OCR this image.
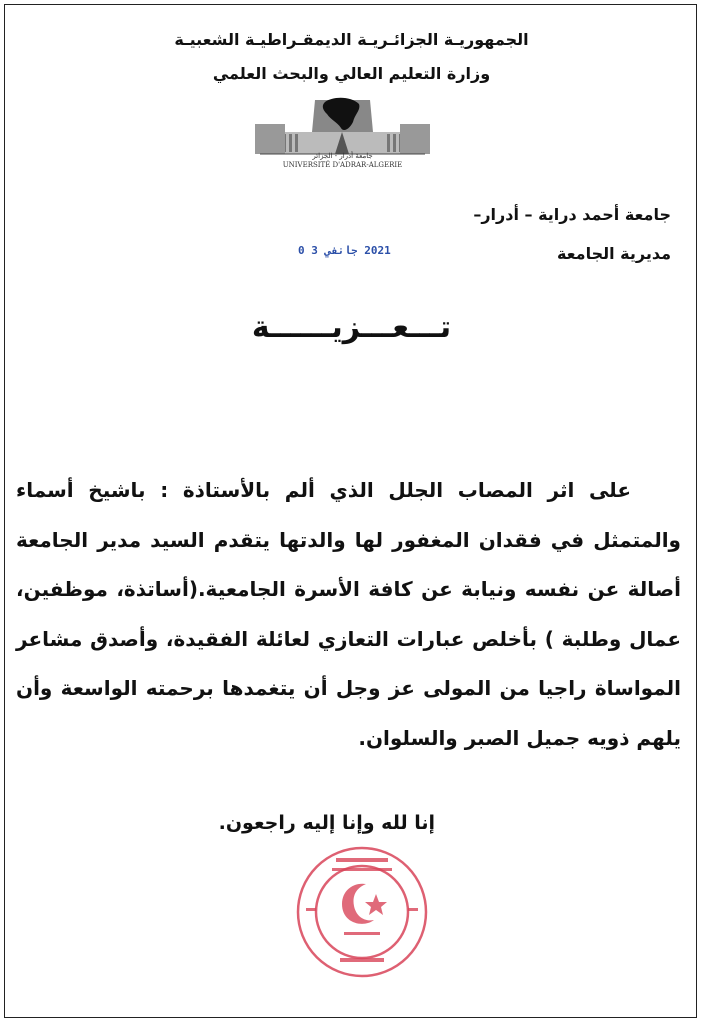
الجمهوريـة الجزائـريـة الديمقـراطيـة الشعبيـة
وزارة التعليم العالي والبحث العلمي
جامعة أدرار - الجزائر
UNIVERSITÉ D'ADRAR-ALGERIE
جامعة أحمد دراية – أدرار–
مديرية الجامعة
2021 جانفي 3 0
تـــعـــزيــــــة
على اثر المصاب الجلل الذي ألم بالأستاذة : باشيخ أسماء والمتمثل في فقدان المغفور لها والدتها يتقدم السيد مدير الجامعة أصالة عن نفسه ونيابة عن كافة الأسرة الجامعية.(أساتذة، موظفين، عمال وطلبة ) بأخلص عبارات التعازي لعائلة الفقيدة، وأصدق مشاعر المواساة راجيا من المولى عز وجل أن يتغمدها برحمته الواسعة وأن يلهم ذويه جميل الصبر والسلوان.
إنا لله وإنا إليه راجعون.
